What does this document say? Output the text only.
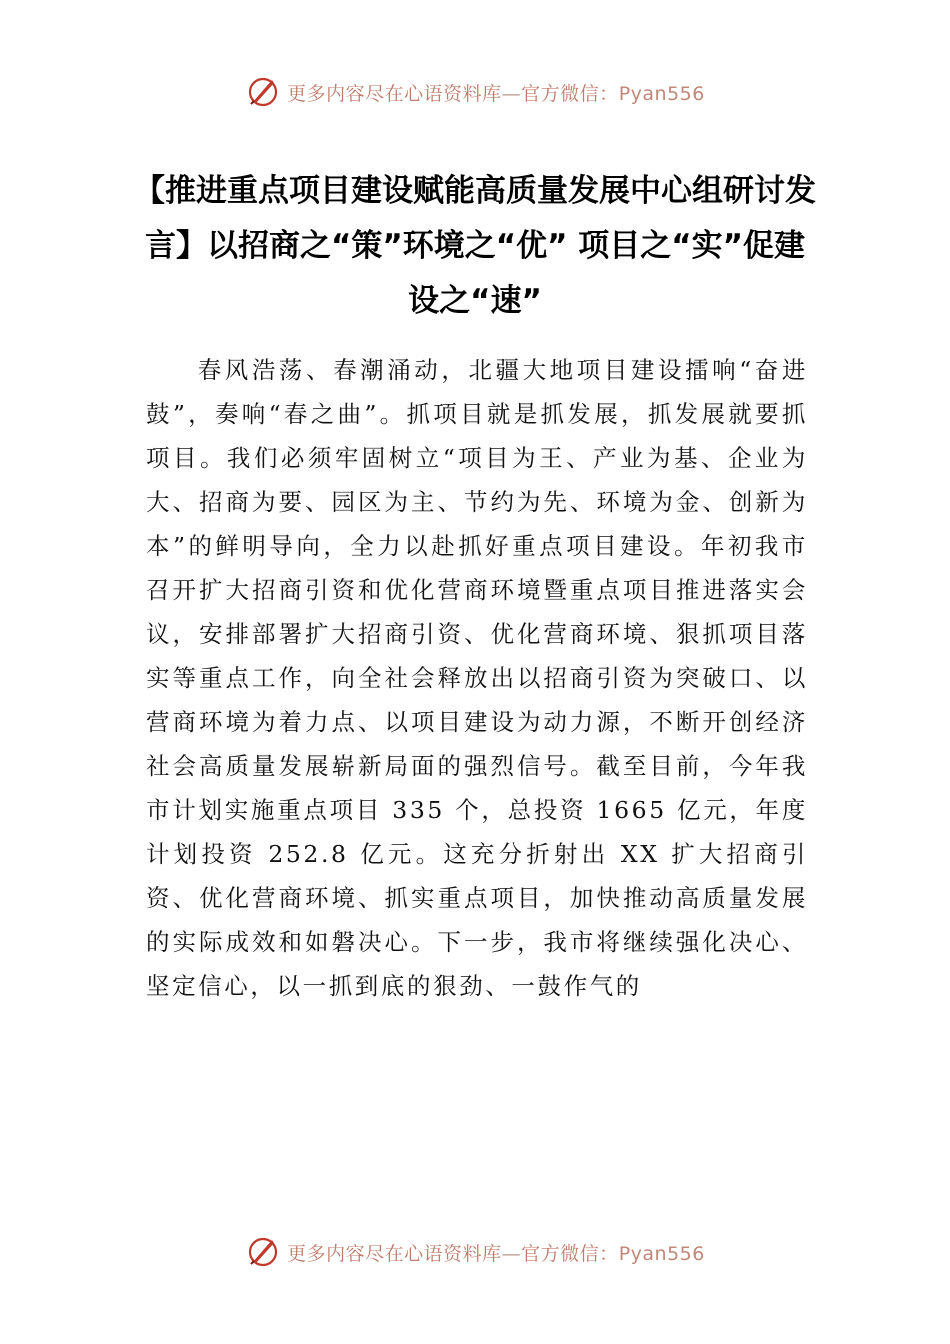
更多内容尽在心语资料库—官方微信：Pyan556
【推进重点项目建设赋能高质量发展中心组研讨发言】以招商之“策”环境之“优” 项目之“实”促建设之“速”

春风浩荡、春潮涌动，北疆大地项目建设擂响“奋进鼓”，奏响“春之曲”。抓项目就是抓发展，抓发展就要抓项目。我们必须牢固树立“项目为王、产业为基、企业为大、招商为要、园区为主、节约为先、环境为金、创新为本”的鲜明导向，全力以赴抓好重点项目建设。年初我市召开扩大招商引资和优化营商环境暨重点项目推进落实会议，安排部署扩大招商引资、优化营商环境、狠抓项目落实等重点工作，向全社会释放出以招商引资为突破口、以营商环境为着力点、以项目建设为动力源，不断开创经济社会高质量发展崭新局面的强烈信号。截至目前，今年我市计划实施重点项目 335 个，总投资 1665 亿元，年度计划投资 252.8 亿元。这充分折射出 XX 扩大招商引资、优化营商环境、抓实重点项目，加快推动高质量发展的实际成效和如磐决心。下一步，我市将继续强化决心、坚定信心，以一抓到底的狠劲、一鼓作气的

更多内容尽在心语资料库—官方微信：Pyan556
